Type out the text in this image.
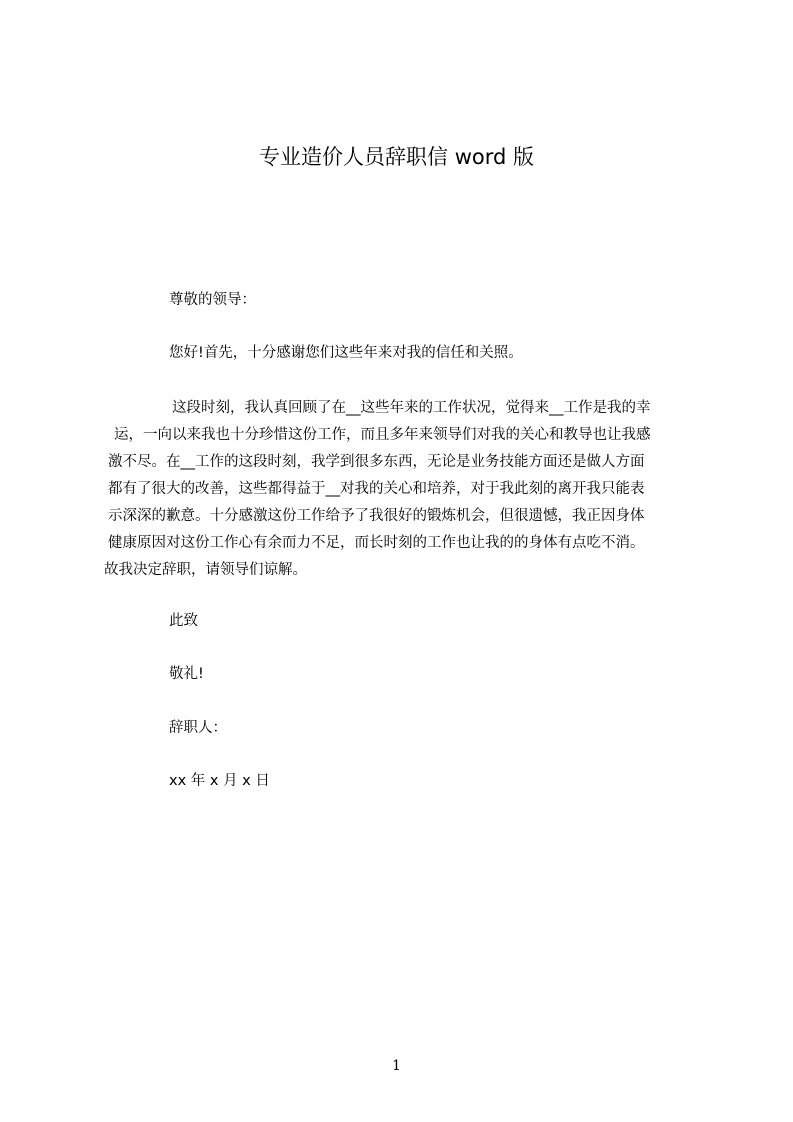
专业造价人员辞职信 word 版
尊敬的领导：
您好!首先，十分感谢您们这些年来对我的信任和关照。
这段时刻，我认真回顾了在__这些年来的工作状况，觉得来__工作是我的幸
运，一向以来我也十分珍惜这份工作，而且多年来领导们对我的关心和教导也让我感
激不尽。在__工作的这段时刻，我学到很多东西，无论是业务技能方面还是做人方面
都有了很大的改善，这些都得益于__对我的关心和培养，对于我此刻的离开我只能表
示深深的歉意。十分感激这份工作给予了我很好的锻炼机会，但很遗憾，我正因身体
健康原因对这份工作心有余而力不足，而长时刻的工作也让我的的身体有点吃不消。
故我决定辞职，请领导们谅解。
此致
敬礼!
辞职人：
xx 年 x 月 x 日
1
